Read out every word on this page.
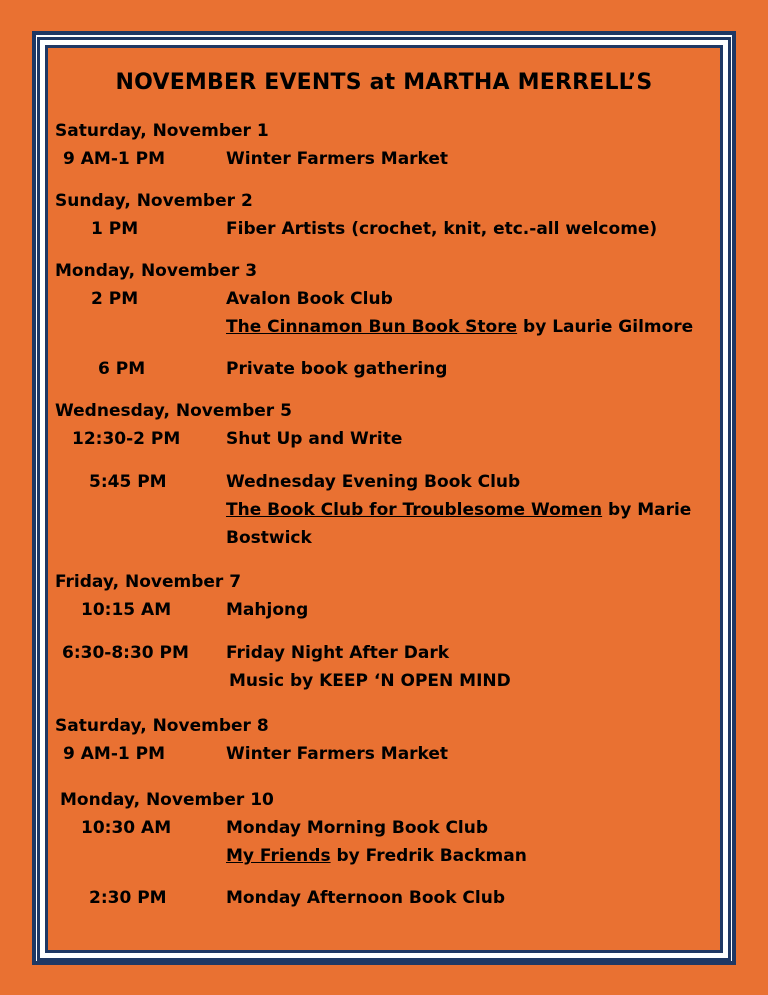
NOVEMBER EVENTS at MARTHA MERRELL’S
Saturday, November 1
9 AM-1 PM	Winter Farmers Market
Sunday, November 2
1 PM	Fiber Artists (crochet, knit, etc.-all welcome)
Monday, November 3
2 PM	Avalon Book Club
The Cinnamon Bun Book Store by Laurie Gilmore
6 PM	Private book gathering
Wednesday, November 5
12:30-2 PM	Shut Up and Write
5:45 PM	Wednesday Evening Book Club
The Book Club for Troublesome Women by Marie
Bostwick
Friday, November 7
10:15 AM	Mahjong
6:30-8:30 PM Friday Night After Dark
Music by KEEP ‘N OPEN MIND
Saturday, November 8
9 AM-1 PM	Winter Farmers Market
Monday, November 10
10:30 AM	Monday Morning Book Club
My Friends by Fredrik Backman
2:30 PM	Monday Afternoon Book Club
